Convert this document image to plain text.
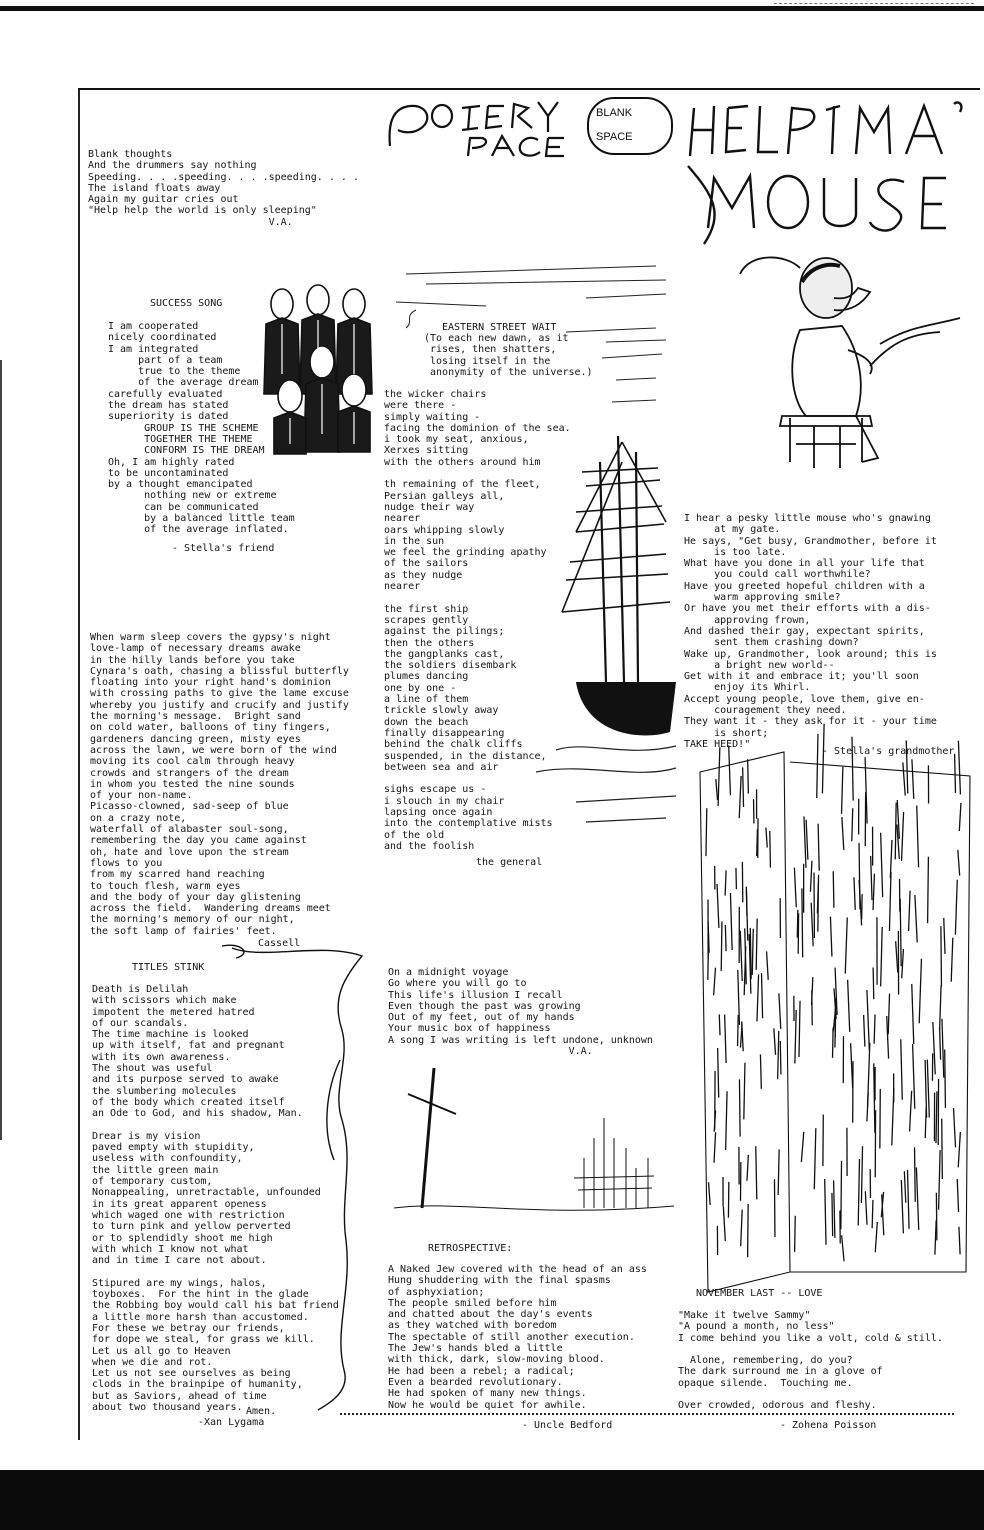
BLANK
SPACE
Blank thoughts
And the drummers say nothing
Speeding. . . .speeding. . . .speeding. . . .
The island floats away
Again my guitar cries out
"Help help the world is only sleeping"
V.A.
SUCCESS SONG
I am cooperated
nicely coordinated
I am integrated
part of a team
true to the theme
of the average dream
carefully evaluated
the dream has stated
superiority is dated
GROUP IS THE SCHEME
TOGETHER THE THEME
CONFORM IS THE DREAM
Oh, I am highly rated
to be uncontaminated
by a thought emancipated
nothing new or extreme
can be communicated
by a balanced little team
of the average inflated.
- Stella's friend
When warm sleep covers the gypsy's night
love-lamp of necessary dreams awake
in the hilly lands before you take
Cynara's oath, chasing a blissful butterfly
floating into your right hand's dominion
with crossing paths to give the lame excuse
whereby you justify and crucify and justify
the morning's message.  Bright sand
on cold water, balloons of tiny fingers,
gardeners dancing green, misty eyes
across the lawn, we were born of the wind
moving its cool calm through heavy
crowds and strangers of the dream
in whom you tested the nine sounds
of your non-name.
Picasso-clowned, sad-seep of blue
on a crazy note,
waterfall of alabaster soul-song,
remembering the day you came against
oh, hate and love upon the stream
flows to you
from my scarred hand reaching
to touch flesh, warm eyes
and the body of your day glistening
across the field.  Wandering dreams meet
the morning's memory of our night,
the soft lamp of fairies' feet.
Cassell
TITLES STINK
Death is Delilah
with scissors which make
impotent the metered hatred
of our scandals.
The time machine is looked
up with itself, fat and pregnant
with its own awareness.
The shout was useful
and its purpose served to awake
the slumbering molecules
of the body which created itself
an Ode to God, and his shadow, Man.

Drear is my vision
paved empty with stupidity,
useless with confoundity,
the little green main
of temporary custom,
Nonappealing, unretractable, unfounded
in its great apparent openess
which waged one with restriction
to turn pink and yellow perverted
or to splendidly shoot me high
with which I know not what
and in time I care not about.

Stipured are my wings, halos,
toyboxes.  For the hint in the glade
the Robbing boy would call his bat friend
a little more harsh than accustomed.
For these we betray our friends,
for dope we steal, for grass we kill.
Let us all go to Heaven
when we die and rot.
Let us not see ourselves as being
clods in the brainpipe of humanity,
but as Saviors, ahead of time
about two thousand years. Amen.
-Xan Lygama
EASTERN STREET WAIT
(To each new dawn, as it
rises, then shatters,
losing itself in the
anonymity of the universe.)
the wicker chairs
were there -
simply waiting -
facing the dominion of the sea.
i took my seat, anxious,
Xerxes sitting
with the others around him

th remaining of the fleet,
Persian galleys all,
nudge their way
nearer
oars whipping slowly
in the sun
we feel the grinding apathy
of the sailors
as they nudge
nearer

the first ship
scrapes gently
against the pilings;
then the others
the gangplanks cast,
the soldiers disembark
plumes dancing
one by one -
a line of them
trickle slowly away
down the beach
finally disappearing
behind the chalk cliffs
suspended, in the distance,
between sea and air

sighs escape us -
i slouch in my chair
lapsing once again
into the contemplative mists
of the old
and the foolish
the general
On a midnight voyage
Go where you will go to
This life's illusion I recall
Even though the past was growing
Out of my feet, out of my hands
Your music box of happiness
A song I was writing is left undone, unknown
V.A.
RETROSPECTIVE:
A Naked Jew covered with the head of an ass
Hung shuddering with the final spasms
of asphyxiation;
The people smiled before him
and chatted about the day's events
as they watched with boredom
The spectable of still another execution.
The Jew's hands bled a little
with thick, dark, slow-moving blood.
He had been a rebel; a radical;
Even a bearded revolutionary.
He had spoken of many new things.
Now he would be quiet for awhile.
- Uncle Bedford
I hear a pesky little mouse who's gnawing
at my gate.
He says, "Get busy, Grandmother, before it
is too late.
What have you done in all your life that
you could call worthwhile?
Have you greeted hopeful children with a
warm approving smile?
Or have you met their efforts with a dis-
approving frown,
And dashed their gay, expectant spirits,
sent them crashing down?
Wake up, Grandmother, look around; this is
a bright new world--
Get with it and embrace it; you'll soon
enjoy its Whirl.
Accept young people, love them, give en-
couragement they need.
They want it - they ask for it - your time
is short;
TAKE HEED!"
- Stella's grandmother
NOVEMBER LAST -- LOVE
"Make it twelve Sammy"
"A pound a month, no less"
I come behind you like a volt, cold & still.

Alone, remembering, do you?
The dark surround me in a glove of
opaque silende.  Touching me.

Over crowded, odorous and fleshy.
- Zohena Poisson
